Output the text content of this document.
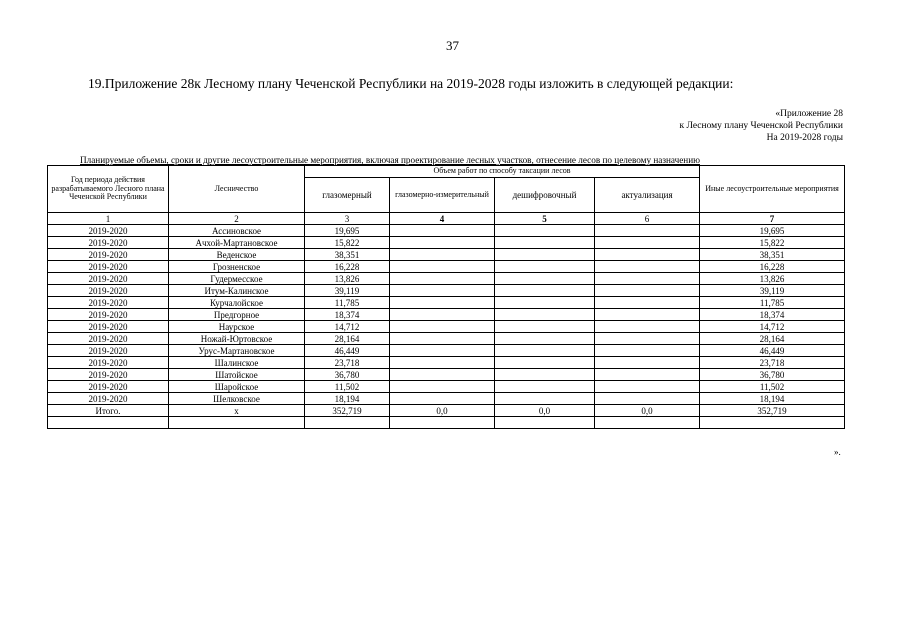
37
19.Приложение 28к Лесному плану Чеченской Республики на 2019-2028 годы изложить в следующей редакции:
«Приложение 28
к Лесному плану Чеченской Республики
На 2019-2028 годы
Планируемые объемы, сроки и другие лесоустроительные мероприятия, включая проектирование лесных участков, отнесение лесов по целевому назначению
Год периода действия разрабатываемого Лесного плана Чеченской Республики	Лесничество	Объем работ по способу таксации лесов				Иные лесоустроительные мероприятия
		глазомерный	глазомерно-измерительный	дешифровочный	актуализация	
1	2	3	4	5	6	7
2019-2020	Ассиновское	19,695				19,695
2019-2020	Ачхой-Мартановское	15,822				15,822
2019-2020	Веденское	38,351				38,351
2019-2020	Грозненское	16,228				16,228
2019-2020	Гудермесское	13,826				13,826
2019-2020	Итум-Калинское	39,119				39,119
2019-2020	Курчалойское	11,785				11,785
2019-2020	Предгорное	18,374				18,374
2019-2020	Наурское	14,712				14,712
2019-2020	Ножай-Юртовское	28,164				28,164
2019-2020	Урус-Мартановское	46,449				46,449
2019-2020	Шалинское	23,718				23,718
2019-2020	Шатойское	36,780				36,780
2019-2020	Шаройское	11,502				11,502
2019-2020	Шелковское	18,194				18,194
Итого.	х	352,719	0,0	0,0	0,0	352,719

».
